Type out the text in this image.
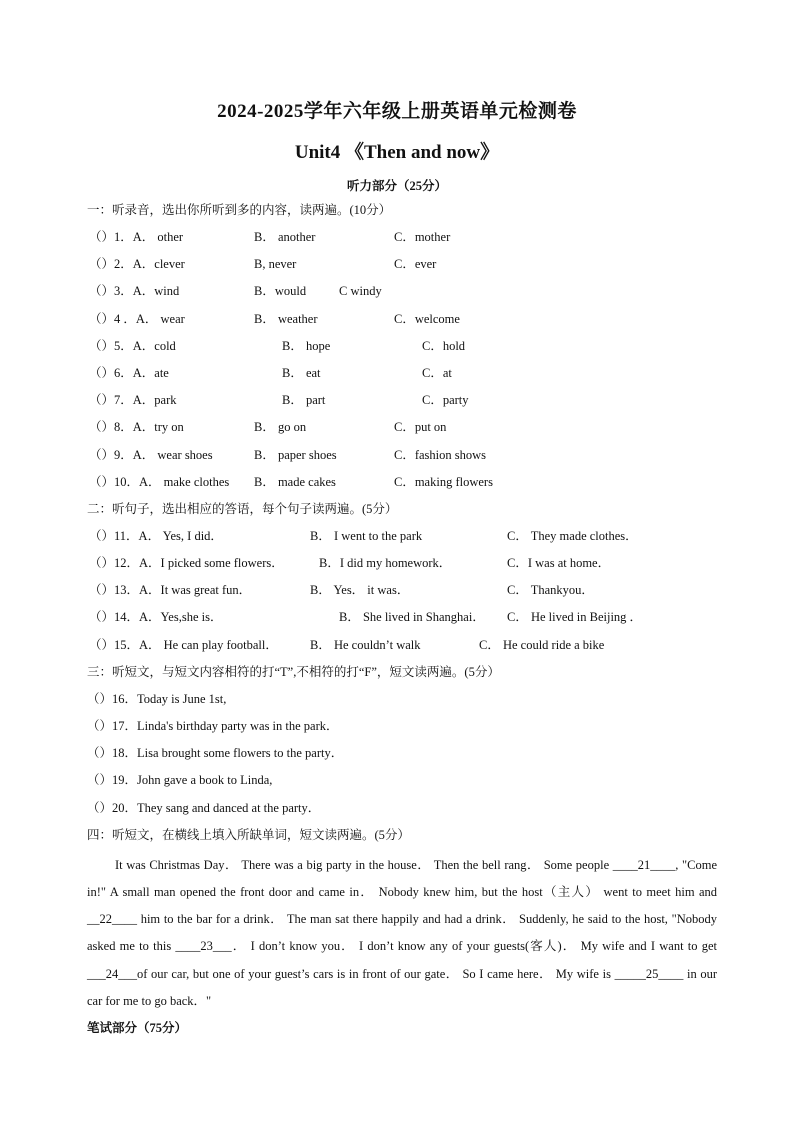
2024-2025学年六年级上册英语单元检测卷
Unit4 《Then and now》
听力部分（25分）
一：听录音，选出你所听到多的内容，读两遍。(10分）
（）1．A． other	B． another	C．mother
（）2．A．clever	B, never	C．ever
（）3．A．wind	B．would	C windy
（）4 ．A． wear	B． weather	C．welcome
（）5．A．cold	B． hope	C．hold
（）6．A．ate	B． eat	C．at
（）7．A．park	B． part	C．party
（）8．A．try on	B． go on	C．put on
（）9．A． wear shoes	B． paper shoes	C．fashion shows
（）10．A． make clothes B． made cakes	C．making flowers
二：听句子，选出相应的答语，每个句子读两遍。(5分）
（）11．A． Yes, I did．	B． I went to the park	C． They made clothes．
（）12．A．I picked some flowers．	B．I did my homework．	C．I was at home．
（）13．A．It was great fun．	B． Yes． it was．	C． Thankyou．
（）14．A．Yes,she is．	B． She lived in Shanghai． C． He lived in Beijing ．
（）15．A． He can play football．	B． He couldn’t walk	C． He could ride a bike
三：听短文，与短文内容相符的打“T”,不相符的打“F”，短文读两遍。(5分）
（）16．Today is June 1st,
（）17．Linda's birthday party was in the park．
（）18．Lisa brought some flowers to the party．
（）19．John gave a book to Linda,
（）20．They sang and danced at the party．
四：听短文，在横线上填入所缺单词，短文读两遍。(5分）

It was Christmas Day． There was a big party in the house． Then the bell rang． Some people ____21____, "Come in!" A small man opened the front door and came in． Nobody knew him, but the host（主人） went to meet him and __22____ him to the bar for a drink． The man sat there happily and had a drink． Suddenly, he said to the host, "Nobody asked me to this ____23___． I don’t know you． I don’t know any of your guests(客人)． My wife and I want to get ___24___of our car, but one of your guest’s cars is in front of our gate． So I came here． My wife is _____25____ in our car for me to go back．"

笔试部分（75分）
